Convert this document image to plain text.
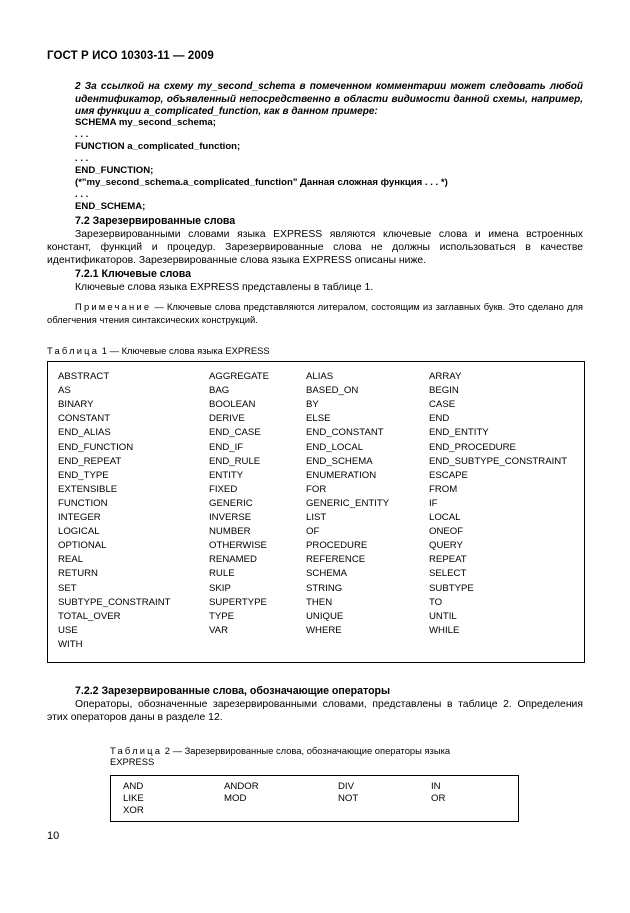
ГОСТ Р ИСО 10303-11 — 2009
2 За ссылкой на схему my_second_schema в помеченном комментарии может следовать любой идентификатор, объявленный непосредственно в области видимости данной схемы, например, имя функции a_complicated_function, как в данном примере:
SCHEMA my_second_schema;
. . .
FUNCTION a_complicated_function;
. . .
END_FUNCTION;
(*"my_second_schema.a_complicated_function" Данная сложная функция . . . *)
. . .
END_SCHEMA;
7.2 Зарезервированные слова
Зарезервированными словами языка EXPRESS являются ключевые слова и имена встроенных констант, функций и процедур. Зарезервированные слова не должны использоваться в качестве идентификаторов. Зарезервированные слова языка EXPRESS описаны ниже.
7.2.1 Ключевые слова
Ключевые слова языка EXPRESS представлены в таблице 1.
Примечание — Ключевые слова представляются литералом, состоящим из заглавных букв. Это сделано для облегчения чтения синтаксических конструкций.
Таблица 1 — Ключевые слова языка EXPRESS
ABSTRACT
AS
BINARY
CONSTANT
END_ALIAS
END_FUNCTION
END_REPEAT
END_TYPE
EXTENSIBLE
FUNCTION
INTEGER
LOGICAL
OPTIONAL
REAL
RETURN
SET
SUBTYPE_CONSTRAINT
TOTAL_OVER
USE
WITH
AGGREGATE
BAG
BOOLEAN
DERIVE
END_CASE
END_IF
END_RULE
ENTITY
FIXED
GENERIC
INVERSE
NUMBER
OTHERWISE
RENAMED
RULE
SKIP
SUPERTYPE
TYPE
VAR
ALIAS
BASED_ON
BY
ELSE
END_CONSTANT
END_LOCAL
END_SCHEMA
ENUMERATION
FOR
GENERIC_ENTITY
LIST
OF
PROCEDURE
REFERENCE
SCHEMA
STRING
THEN
UNIQUE
WHERE
ARRAY
BEGIN
CASE
END
END_ENTITY
END_PROCEDURE
END_SUBTYPE_CONSTRAINT
ESCAPE
FROM
IF
LOCAL
ONEOF
QUERY
REPEAT
SELECT
SUBTYPE
TO
UNTIL
WHILE
7.2.2 Зарезервированные слова, обозначающие операторы
Операторы, обозначенные зарезервированными словами, представлены в таблице 2. Определения этих операторов даны в разделе 12.
Таблица 2 — Зарезервированные слова, обозначающие операторы языка
EXPRESS
AND
LIKE
XOR
ANDOR
MOD
DIV
NOT
IN
OR
10
